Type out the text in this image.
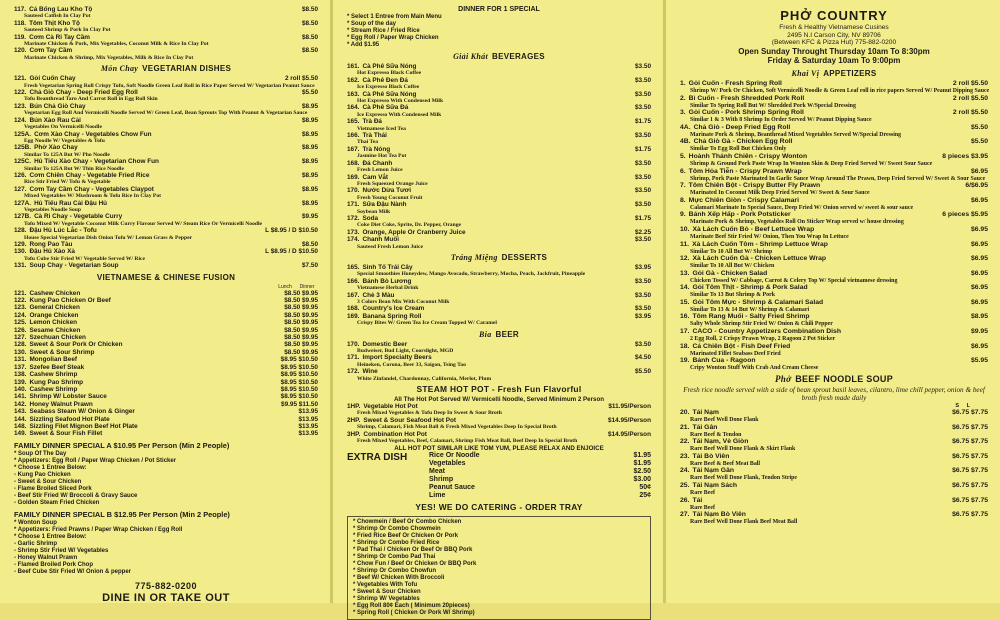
117. Cá Bống Lau Kho Tộ	$8.50
Sauteed Catfish In Clay Pot
118. Tôm Thịt Kho Tộ	$8.50
Sauteed Shrimp & Pork In Clay Pot
119. Cơm Cà Ri Tay Cầm	$8.50
Marinate Chicken & Pork, Mix Vegetables, Coconut Milk & Rice In Clay Pot
120. Cơm Tay Cầm	$8.50
Marinate Chicken & Shrimp, Mix Vegetables, Milk & Rice In Clay Pot
Món Chay VEGETARIAN DISHES
121. Gỏi Cuốn Chay	2 roll $5.50
Fresh Vegetarian Spring Roll Crispy Tofu, Soft Noodle Green Leaf Roll in Rice Paper Served W/ Vegetarian Peanut Sauce
122. Chả Giò Chay - Deep Fried Egg Roll	$5.50
Tofu Beanthread Taro And Carrot Roll in Egg Roll Skin
123. Bún Chả Giò Chay	$8.95
Vegetarian Egg Roll And Vermicelli Noodle Served W/ Green Leaf, Bean Sprouts Top With Peanut & Vegetarian Sauce
124. Bún Xào Rau Cải	$8.95
Vegetables On Vermicelli Noodle
125A. Cơm Xào Chay - Vegetables Chow Fun	$8.95
Egg Noodle W/ Vegetables & Tofu
125B. Phở Xào Chay	$8.95
Similar To 125A But W/ Pho Noodle
125C. Hủ Tiếu Xào Chay - Vegetarian Chow Fun	$8.95
Similar To 125A But W/ Thin Rice Noodle
126. Cơm Chiên Chay - Vegetable Fried Rice	$8.95
Rice Stir Fried W/ Tofu & Vegetable
127. Cơm Tay Cầm Chay - Vegetables Claypot	$8.95
Mixed Vegetables W/ Mushroom & Tofu Rice In Clay Pot
127A. Hủ Tiếu Rau Cải Đậu Hủ	$8.95
Vegetables Noodle Soup
127B. Cà Ri Chay - Vegetable Curry	$9.95
Tofu Mixed W/ Vegetable Coconut Milk Curry Flavour Served W/ Steam Rice Or Vermicelli Noodle
128. Đậu Hủ Lúc Lắc - Tofu	L $8.95 / D $10.50
House Special Vegetarian Dish Onion Tofu W/ Lemon Grass & Pepper
129. Rong Pao Tàu	$8.50
130. Đậu Hủ Xào Xả	L $8.95 / D $10.50
Tofu Cube Stir Fried W/ Vegetable Served W/ Rice
131. Soup Chay - Vegetarian Soup	$7.50
VIETNAMESE & CHINESE FUSION
Lunch Dinner
121. Cashew Chicken	$8.50 $9.95
122. Kung Pao Chicken Or Beef	$8.50 $9.95
123. General Chicken	$8.50 $9.95
124. Orange Chicken	$8.50 $9.95
125. Lemon Chicken	$8.50 $9.95
126. Sesame Chicken	$8.50 $9.95
127. Szechuan Chicken	$8.50 $9.95
128. Sweet & Sour Pork Or Chicken	$8.50 $9.95
130. Sweet & Sour Shrimp	$8.50 $9.95
131. Mongolian Beef	$8.95 $10.50
137. Szefee Beef Steak	$8.95 $10.50
138. Cashew Shrimp	$8.95 $10.50
139. Kung Pao Shrimp	$8.95 $10.50
140. Cashew Shrimp	$8.95 $10.50
141. Shrimp W/ Lobster Sauce	$8.95 $10.50
142. Honey Walnut Prawn	$9.95 $11.50
143. Seabass Steam W/ Onion & Ginger	$13.95
144. Sizzling Seafood Hot Plate	$13.95
148. Sizzling Filet Mignon Beef Hot Plate	$13.95
149. Sweet & Sour Fish Fillet	$13.95
FAMILY DINNER SPECIAL A $10.95 Per Person (Min 2 People)
* Soup Of The Day
* Appetizers: Egg Roll / Paper Wrap Chicken / Pot Sticker
* Choose 1 Entree Below:
- Kung Pao Chicken
- Sweet & Sour Chicken
- Flame Broiled Sliced Pork
- Beef Stir Fried W/ Broccoli & Gravy Sauce
- Golden Steam Fried Chicken
FAMILY DINNER SPECIAL B $12.95 Per Person (Min 2 People)
* Wonton Soup
* Appetizers: Fried Prawns / Paper Wrap Chicken / Egg Roll
* Choose 1 Entree Below:
- Garlic Shrimp
- Shrimp Stir Fried W/ Vegetables
- Honey Walnut Prawn
- Flamed Broiled Pork Chop
- Beef Cube Stir Fried W/ Onion & pepper
775-882-0200
DINE IN OR TAKE OUT
DINNER FOR 1 SPECIAL
* Select 1 Entree from Main Menu
* Soup of the day
* Stream Rice / Fried Rice
* Egg Roll / Paper Wrap Chicken
* Add $1.95
Giải Khát BEVERAGES
161. Cà Phê Sữa Nóng	$3.50
Hot Expresso Black Coffee
162. Cà Phê Đen Đá	$3.50
Ice Expresso Black Coffee
163. Cà Phê Sữa Nóng	$3.50
Hot Expresso With Condensed Milk
164. Cà Phê Sữa Đá	$3.50
Ice Expresso With Condensed Milk
165. Trà Đá	$1.75
Vietnamese Iced Tea
166. Trà Thái	$3.50
Thai Tea
167. Trà Nóng	$1.75
Jasmine Hot Tea Pot
168. Đá Chanh	$3.50
Fresh Lemon Juice
169. Cam Vắt	$3.50
Fresh Squeezed Orange Juice
170. Nước Dừa Tươi	$3.50
Fresh Young Coconut Fruit
171. Sữa Đậu Nành	$3.50
Soybean Milk
172. Soda	$1.75
Coke Diet Coke, Sprite, Dr. Pepper, Orange
173. Orange, Apple Or Cranberry Juice	$2.25
174. Chanh Muối	$3.50
Sauteed Fresh Lemon Juice
Tráng Miệng DESSERTS
165. Sinh Tố Trái Cây	$3.95
Special Smoothies Honeydew, Mango Avocado, Strawberry, Mocha, Peach, Jackfruit, Pineapple
166. Bánh Bò Lương	$3.50
Vietnamese Herbal Drink
167. Chè 3 Màu	$3.50
3 Colors Bean Mix With Coconut Milk
168. Country's Ice Cream	$3.50
169. Banana Spring Roll	$3.95
Crispy Bites W/ Green Tea Ice Cream Topped W/ Caramel
Bia BEER
170. Domestic Beer	$3.50
Budweiser, Bud Light, Coorslight, MGD
171. Import Specialty Beers	$4.50
Heineken, Corona, Beer 33, Saigon, Tsing Tao
172. Wine	$5.50
White Zinfandel, Chardonnay, California, Merlot, Plum
STEAM HOT POT - Fresh Fun Flavorful
All The Hot Pot Served W/ Vermicelli Noodle, Served Minimum 2 Person
1HP. Vegetable Hot Pot	$11.95/Person
Fresh Mixed Vegetables & Tofu Deep In Sweet & Sour Broth
2HP. Sweet & Sour Seafood Hot Pot	$14.95/Person
Shrimp, Calamari, Fish Meat Ball & Fresh Mixed Vegetables Deep In Special Broth
3HP. Combination Hot Pot	$14.95/Person
Fresh Mixed Vegetables, Beef, Calamari, Shrimp Fish Meat Ball, Beef Deep In Special Broth
ALL HOT POT SIMILAR LIKE TOM YUM, PLEASE RELAX AND ENJOICE
EXTRA DISH	Rice Or Noodle	$1.95
Vegetables	$1.95
Meat	$2.50
Shrimp	$3.00
Peanut Sauce	50¢
Lime	25¢
YES! WE DO CATERING - ORDER TRAY
* Chowmein / Beef Or Combo Chicken
* Shrimp Or Combo Chowmein
* Fried Rice Beef Or Chicken Or Pork
* Shrimp Or Combo Fried Rice
* Pad Thai / Chicken Or Beef Or BBQ Pork
* Shrimp Or Combo Pad Thai
* Chow Fun / Beef Or Chicken Or BBQ Pork
* Shrimp Or Combo Chowfun
* Beef W/ Chicken With Broccoli
* Vegetables With Tofu
* Sweet & Sour Chicken
* Shrimp W/ Vegetables
* Egg Roll 80¢ Each ( Minimum 20pieces)
* Spring Roll ( Chicken Or Pork W/ Shrimp)
PHỞ COUNTRY
Fresh & Healthy Vietnamese Cusines
2495 N.I Carson City, NV 89706
(Between KFC & Pizza Hut) 775-882-0200
Open Sunday Throught Thursday 10am To 8:30pm
Friday & Saturday 10am To 9:00pm
Khai Vị APPETIZERS
1. Gỏi Cuốn - Fresh Spring Roll	2 roll $5.50
Shrimp W/ Pork Or Chicken, Soft Vermicelli Noodle & Green Leaf roll in rice papers Served W/ Peanut Dipping Sauce
2. Bì Cuốn - Fresh Shredded Pork Roll	2 roll $5.50
Similar To Spring Roll But W/ Shredded Pork W/Special Dressing
3. Gỏi Cuốn - Pork Shrimp Spring Roll	2 roll $5.50
Similar 1 & 3 With 8 Shrimp In Order Served W/ Peanut Dipping Sauce
4A. Chả Giò - Deep Fried Egg Roll	$5.50
Marinate Pork & Shrimp, Beanthread Mixed Vegetables Served W/Special Dressing
4B. Chả Giò Gà - Chicken Egg Roll	$5.50
Similar To Egg Roll But Chicken Only
5. Hoành Thánh Chiên - Crispy Wonton	8 pieces $3.95
Shrimp & Ground Pork Paste Wrap In Wonton Skin & Deep Fried Served W/ Sweet Sour Sauce
6. Tôm Hỏa Tiễn - Crispy Prawn Wrap	$6.95
Shrimp, Pork Paste Marinated In Garlic Sauce Wrap Around The Prawn, Deep Fried Served W/ Sweet & Sour Sauce
7. Tôm Chiên Bột - Crispy Butter Fly Prawn	6/$6.95
Marinated In Coconut Milk Deep Fried Served W/ Sweet & Sour Sauce
8. Mực Chiên Giòn - Crispy Calamari	$6.95
Calamari Marinate In Special Sauce, Deep Fried W/ Onion served w/ sweet & sour sauce
9. Bánh Xếp Hấp - Pork Potsticker	6 pieces $5.95
Marinate Pork & Shrimp, Vegetables Roll On Sticker Wrap served w/ house dressing
10. Xà Lách Cuốn Bò - Beef Lettuce Wrap	$6.95
Marinate Beef Stir Fried W/ Onion, Then You Wrap In Lettuce
11. Xà Lách Cuốn Tôm - Shrimp Lettuce Wrap	$6.95
Similar To 10 All But W/ Shrimp
12. Xà Lách Cuốn Gà - Chicken Lettuce Wrap	$6.95
Similar To 10 All But W/ Chicken
13. Gỏi Gà - Chicken Salad	$6.95
Chicken Tossed W/ Cabbage, Carrot & Celery Top W/ Special vietnamese dressing
14. Gỏi Tôm Thịt - Shrimp & Pork Salad	$6.95
Similar To 13 But Shrimp & Pork
15. Gỏi Tôm Mực - Shrimp & Calamari Salad	$6.95
Similar To 13 & 14 But W/ Shrimp & Calamari
16. Tôm Rang Muối - Salty Fried Shrimp	$8.95
Salty Whole Shrimp Stir Fried W/ Onion & Chili Pepper
17. CACO - Country Appetizers Combination Dish	$9.95
2 Egg Roll, 2 Crispy Prawn Wrap, 2 Ragoon 2 Pot Sticker
18. Cá Chiên Bột - Fish Deef Fried	$6.95
Marinated Fillet Seabass Deef Fried
19. Bánh Cua - Ragoon	$5.95
Cripy Wonton Stuff With Crab And Cream Cheese
Phở BEEF NOODLE SOUP
Fresh rice noodle served with a side of bean sprout basil leaves, cilantro, lime chill pepper, onion & beef broth fresh made daily
S L
20. Tái Nạm	$6.75 $7.75
Rare Beef Well Done Flank
21. Tái Gân	$6.75 $7.75
Rare Beef & Tendon
22. Tái Nạm, Vè Giòn	$6.75 $7.75
Rare Beef Well Done Flank & Skirt Flank
23. Tái Bò Viên	$6.75 $7.75
Rare Beef & Beef Meat Ball
24. Tái Nạm Gân	$6.75 $7.75
Rare Beef Well Done Flank, Tendon Stripe
25. Tái Nạm Sách	$6.75 $7.75
Rare Beef
26. Tái	$6.75 $7.75
Rare Beef
27. Tái Nạm Bò Viên	$6.75 $7.75
Rare Beef Well Done Flank Beef Meat Ball
